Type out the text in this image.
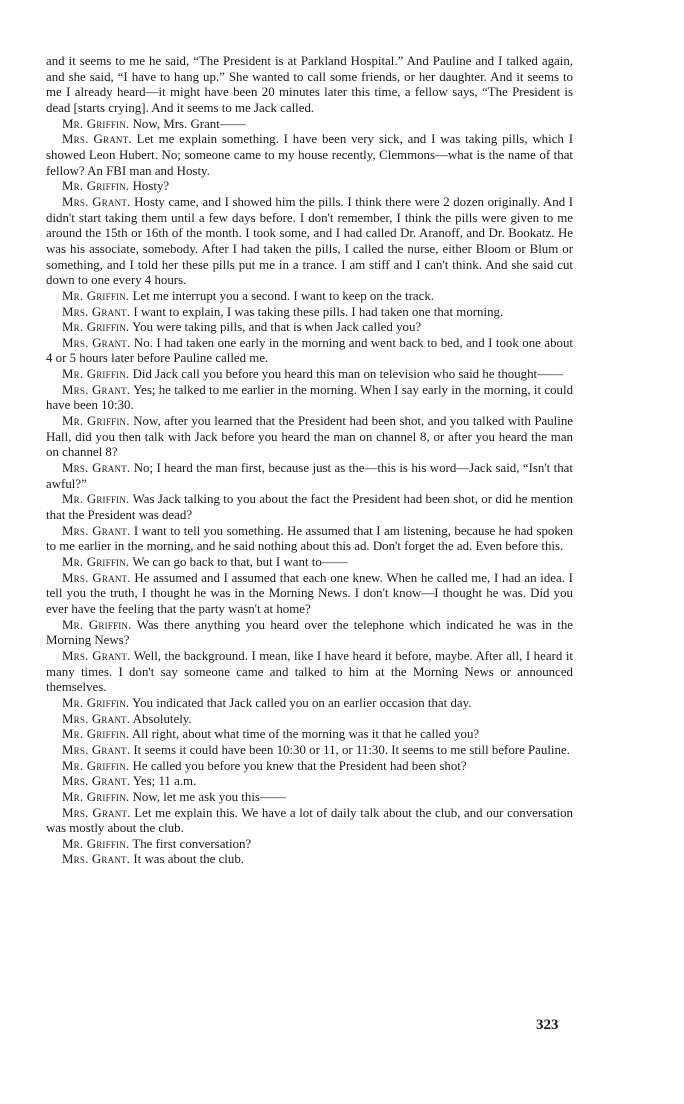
and it seems to me he said, “The President is at Parkland Hospital.” And Pauline and I talked again, and she said, “I have to hang up.” She wanted to call some friends, or her daughter. And it seems to me I already heard—it might have been 20 minutes later this time, a fellow says, “The President is dead [starts crying]. And it seems to me Jack called.

Mr. Griffin. Now, Mrs. Grant——

Mrs. Grant. Let me explain something. I have been very sick, and I was taking pills, which I showed Leon Hubert. No; someone came to my house recently, Clemmons—what is the name of that fellow? An FBI man and Hosty.

Mr. Griffin. Hosty?

Mrs. Grant. Hosty came, and I showed him the pills. I think there were 2 dozen originally. And I didn't start taking them until a few days before. I don't remember, I think the pills were given to me around the 15th or 16th of the month. I took some, and I had called Dr. Aranoff, and Dr. Bookatz. He was his associate, somebody. After I had taken the pills, I called the nurse, either Bloom or Blum or something, and I told her these pills put me in a trance. I am stiff and I can't think. And she said cut down to one every 4 hours.

Mr. Griffin. Let me interrupt you a second. I want to keep on the track.

Mrs. Grant. I want to explain, I was taking these pills. I had taken one that morning.

Mr. Griffin. You were taking pills, and that is when Jack called you?

Mrs. Grant. No. I had taken one early in the morning and went back to bed, and I took one about 4 or 5 hours later before Pauline called me.

Mr. Griffin. Did Jack call you before you heard this man on television who said he thought——

Mrs. Grant. Yes; he talked to me earlier in the morning. When I say early in the morning, it could have been 10:30.

Mr. Griffin. Now, after you learned that the President had been shot, and you talked with Pauline Hall, did you then talk with Jack before you heard the man on channel 8, or after you heard the man on channel 8?

Mrs. Grant. No; I heard the man first, because just as the—this is his word—Jack said, “Isn't that awful?”

Mr. Griffin. Was Jack talking to you about the fact the President had been shot, or did he mention that the President was dead?

Mrs. Grant. I want to tell you something. He assumed that I am listening, because he had spoken to me earlier in the morning, and he said nothing about this ad. Don't forget the ad. Even before this.

Mr. Griffin. We can go back to that, but I want to——

Mrs. Grant. He assumed and I assumed that each one knew. When he called me, I had an idea. I tell you the truth, I thought he was in the Morning News. I don't know—I thought he was. Did you ever have the feeling that the party wasn't at home?

Mr. Griffin. Was there anything you heard over the telephone which indicated he was in the Morning News?

Mrs. Grant. Well, the background. I mean, like I have heard it before, maybe. After all, I heard it many times. I don't say someone came and talked to him at the Morning News or announced themselves.

Mr. Griffin. You indicated that Jack called you on an earlier occasion that day.

Mrs. Grant. Absolutely.

Mr. Griffin. All right, about what time of the morning was it that he called you?

Mrs. Grant. It seems it could have been 10:30 or 11, or 11:30. It seems to me still before Pauline.

Mr. Griffin. He called you before you knew that the President had been shot?

Mrs. Grant. Yes; 11 a.m.

Mr. Griffin. Now, let me ask you this——

Mrs. Grant. Let me explain this. We have a lot of daily talk about the club, and our conversation was mostly about the club.

Mr. Griffin. The first conversation?

Mrs. Grant. It was about the club.

323
